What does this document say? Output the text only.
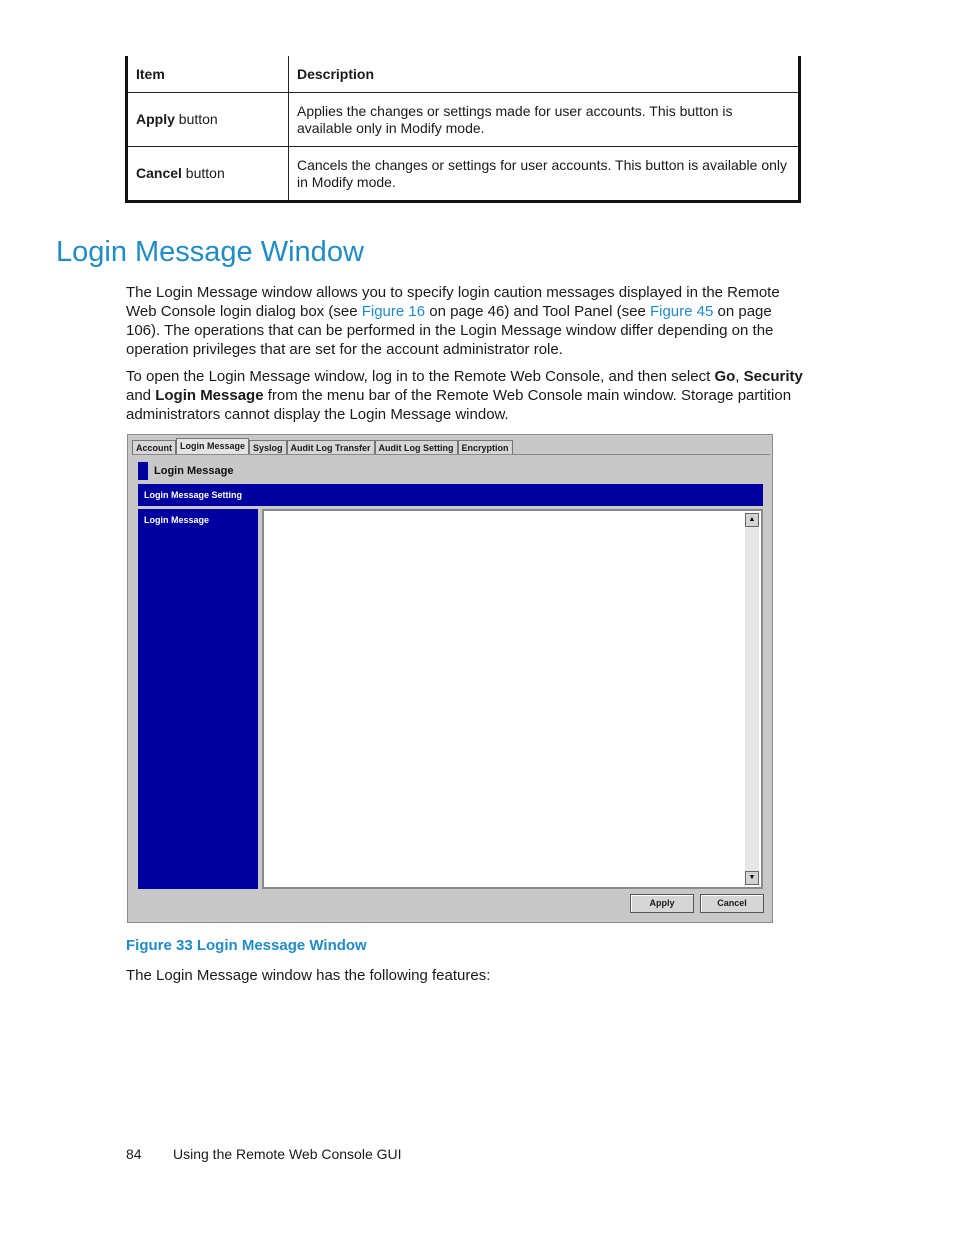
Item	Description
Apply button	Applies the changes or settings made for user accounts. This button is available only in Modify mode.
Cancel button	Cancels the changes or settings for user accounts. This button is available only in Modify mode.
Login Message Window

The Login Message window allows you to specify login caution messages displayed in the Remote Web Console login dialog box (see Figure 16 on page 46) and Tool Panel (see Figure 45 on page 106). The operations that can be performed in the Login Message window differ depending on the operation privileges that are set for the account administrator role.

To open the Login Message window, log in to the Remote Web Console, and then select Go, Security and Login Message from the menu bar of the Remote Web Console main window. Storage partition administrators cannot display the Login Message window.

Account Login Message Syslog Audit Log Transfer Audit Log Setting Encryption
Login Message
Login Message Setting
Login Message	▲
▼
Apply	Cancel
Figure 33 Login Message Window

The Login Message window has the following features:

84 Using the Remote Web Console GUI
